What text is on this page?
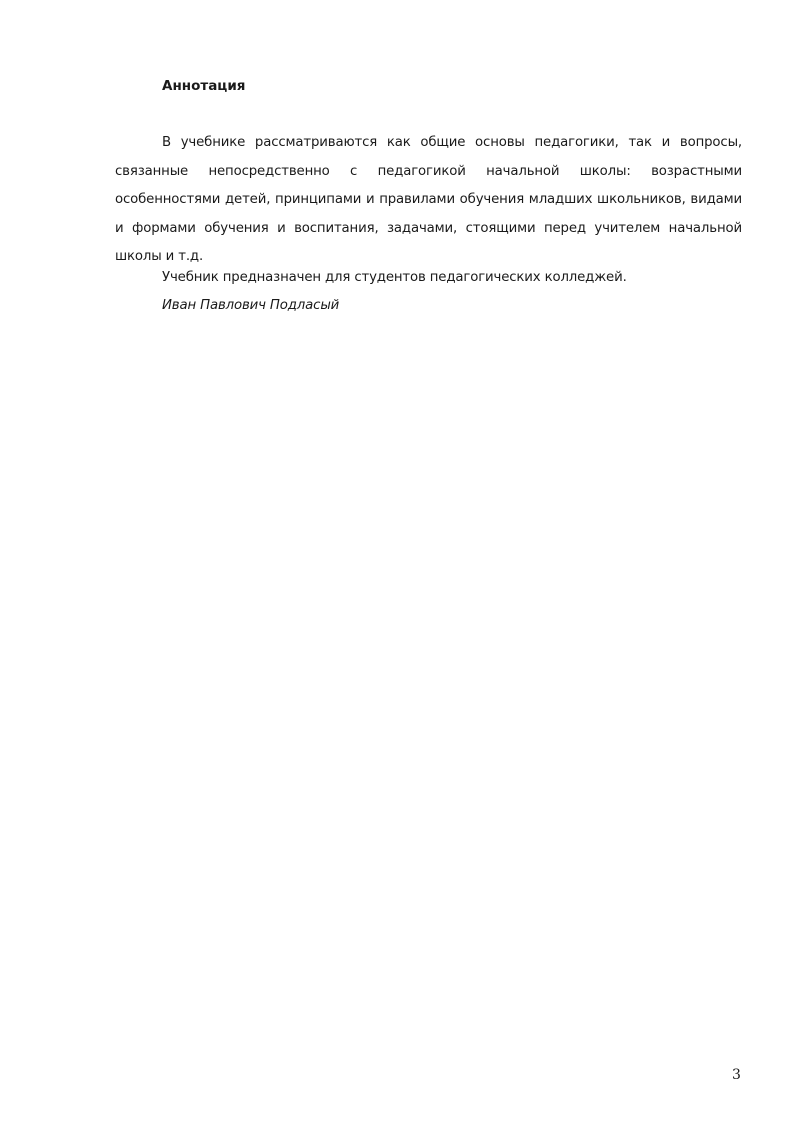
Аннотация
В учебнике рассматриваются как общие основы педагогики, так и вопросы, связанные непосредственно с педагогикой начальной школы: возрастными особенностями детей, принципами и правилами обучения младших школьников, видами и формами обучения и воспитания, задачами, стоящими перед учителем начальной школы и т.д.
Учебник предназначен для студентов педагогических колледжей.
Иван Павлович Подласый
3
